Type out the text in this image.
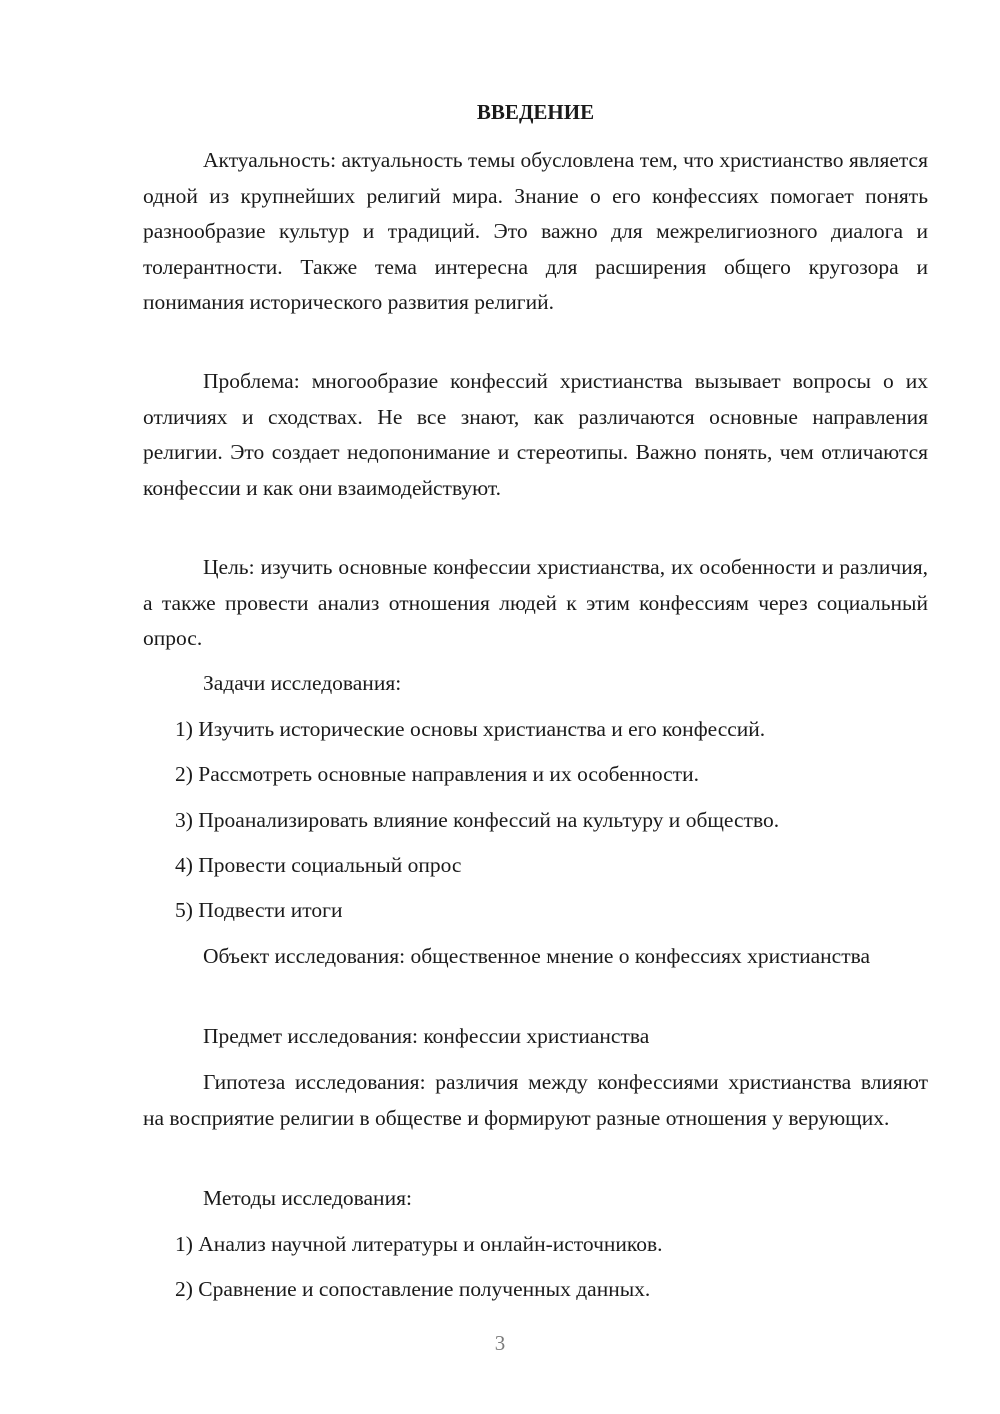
ВВЕДЕНИЕ

Актуальность: актуальность темы обусловлена тем, что христианство является одной из крупнейших религий мира. Знание о его конфессиях помогает понять разнообразие культур и традиций. Это важно для межрелигиозного диалога и толерантности. Также тема интересна для расширения общего кругозора и понимания исторического развития религий.

Проблема: многообразие конфессий христианства вызывает вопросы о их отличиях и сходствах. Не все знают, как различаются основные направления религии. Это создает недопонимание и стереотипы. Важно понять, чем отличаются конфессии и как они взаимодействуют.

Цель: изучить основные конфессии христианства, их особенности и различия, а также провести анализ отношения людей к этим конфессиям через социальный опрос.

Задачи исследования:

1) Изучить исторические основы христианства и его конфессий.

2) Рассмотреть основные направления и их особенности.

3) Проанализировать влияние конфессий на культуру и общество.

4) Провести социальный опрос

5) Подвести итоги

Объект исследования: общественное мнение о конфессиях христианства

Предмет исследования: конфессии христианства

Гипотеза исследования: различия между конфессиями христианства влияют на восприятие религии в обществе и формируют разные отношения у верующих.

Методы исследования:

1) Анализ научной литературы и онлайн-источников.

2) Сравнение и сопоставление полученных данных.

3
